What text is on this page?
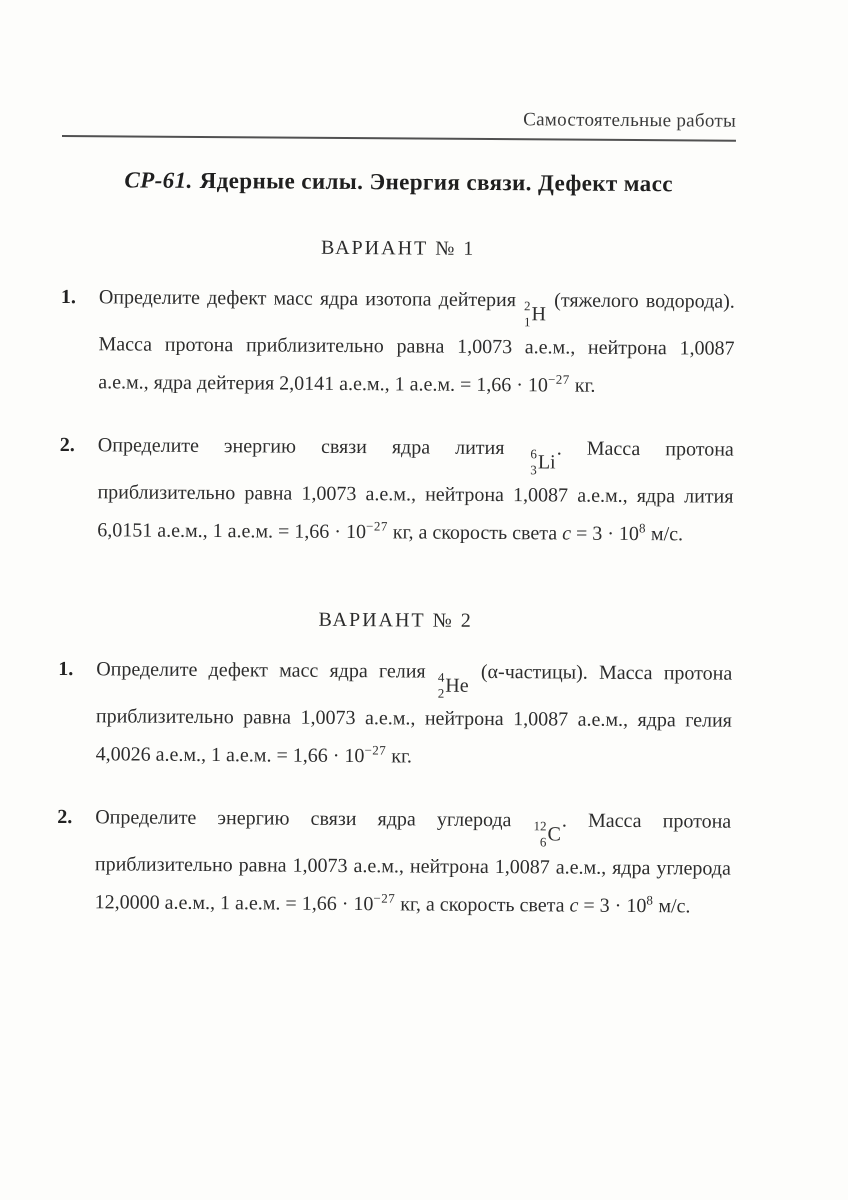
Самостоятельные работы
СР-61. Ядерные силы. Энергия связи. Дефект масс
ВАРИАНТ № 1
1.	Определите дефект масс ядра изотопа дейтерия 2
1 H
(тяжелого водорода). Масса протона приблизительно равна 1,0073 а.е.м., нейтрона 1,0087 а.е.м., ядра дейтерия 2,0141 а.е.м., 1 а.е.м. = $1,66 \cdot 10^{-27}$ кг.
2.	Определите энергию связи ядра лития 6
3 Li
. Масса протона приблизительно равна 1,0073 а.е.м., нейтрона 1,0087 а.е.м., ядра лития 6,0151 а.е.м., 1 а.е.м. = $1,66 \cdot 10^{-27}$ кг, а скорость света $c = 3 \cdot 10^8$ м/с.
ВАРИАНТ № 2
1.	Определите дефект масс ядра гелия 4
2 He
(α-частицы). Масса протона приблизительно равна 1,0073 а.е.м., нейтрона 1,0087 а.е.м., ядра гелия 4,0026 а.е.м., 1 а.е.м. = $1,66 \cdot 10^{-27}$ кг.
2.	Определите энергию связи ядра углерода 12
6 C
. Масса протона приблизительно равна 1,0073 а.е.м., нейтрона 1,0087 а.е.м., ядра углерода 12,0000 а.е.м., 1 а.е.м. = $1,66 \cdot 10^{-27}$ кг, а скорость света $c = 3 \cdot 10^8$ м/с.
